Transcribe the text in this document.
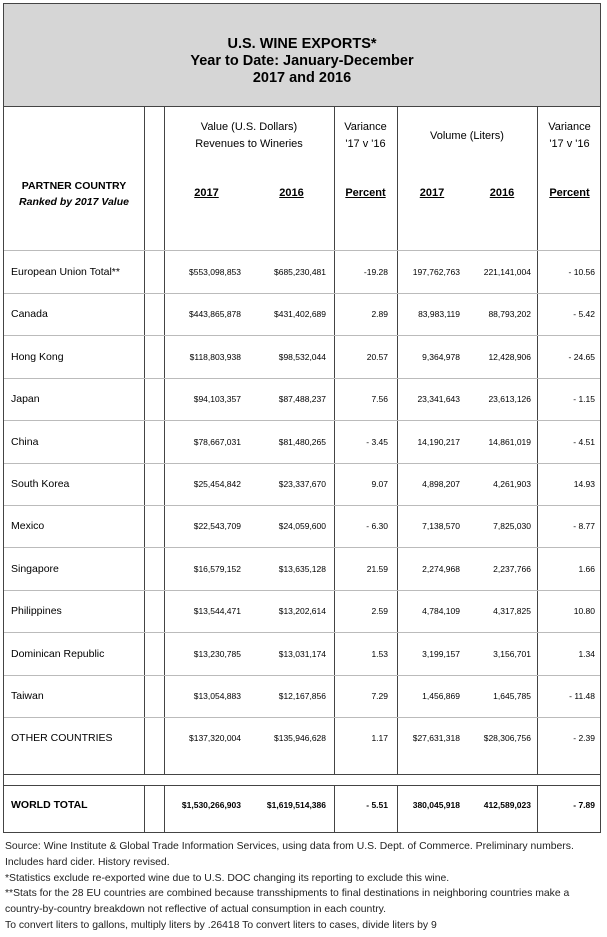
U.S. WINE EXPORTS*
Year to Date: January-December
2017 and 2016
Value (U.S. Dollars)
Revenues to Wineries
Variance
'17 v '16
Volume (Liters)
Variance
'17 v '16
PARTNER COUNTRY
Ranked by 2017 Value
2017	2016	Percent	2017	2016	Percent
European Union Total**	$553,098,853	$685,230,481	-19.28	197,762,763	221,141,004	- 10.56
Canada	$443,865,878	$431,402,689	2.89	83,983,119	88,793,202	- 5.42
Hong Kong	$118,803,938	$98,532,044	20.57	9,364,978	12,428,906	- 24.65
Japan	$94,103,357	$87,488,237	7.56	23,341,643	23,613,126	- 1.15
China	$78,667,031	$81,480,265	- 3.45	14,190,217	14,861,019	- 4.51
South Korea	$25,454,842	$23,337,670	9.07	4,898,207	4,261,903	14.93
Mexico	$22,543,709	$24,059,600	- 6.30	7,138,570	7,825,030	- 8.77
Singapore	$16,579,152	$13,635,128	21.59	2,274,968	2,237,766	1.66
Philippines	$13,544,471	$13,202,614	2.59	4,784,109	4,317,825	10.80
Dominican Republic	$13,230,785	$13,031,174	1.53	3,199,157	3,156,701	1.34
Taiwan	$13,054,883	$12,167,856	7.29	1,456,869	1,645,785	- 11.48
OTHER COUNTRIES	$137,320,004	$135,946,628	1.17	$27,631,318	$28,306,756	- 2.39
WORLD TOTAL	$1,530,266,903	$1,619,514,386	- 5.51	380,045,918	412,589,023	- 7.89

Source: Wine Institute & Global Trade Information Services, using data from U.S. Dept. of Commerce. Preliminary numbers. Includes hard cider. History revised.

*Statistics exclude re-exported wine due to U.S. DOC changing its reporting to exclude this wine.

**Stats for the 28 EU countries are combined because transshipments to final destinations in neighboring countries make a country-by-country breakdown not reflective of actual consumption in each country.

To convert liters to gallons, multiply liters by .26418 To convert liters to cases, divide liters by 9
